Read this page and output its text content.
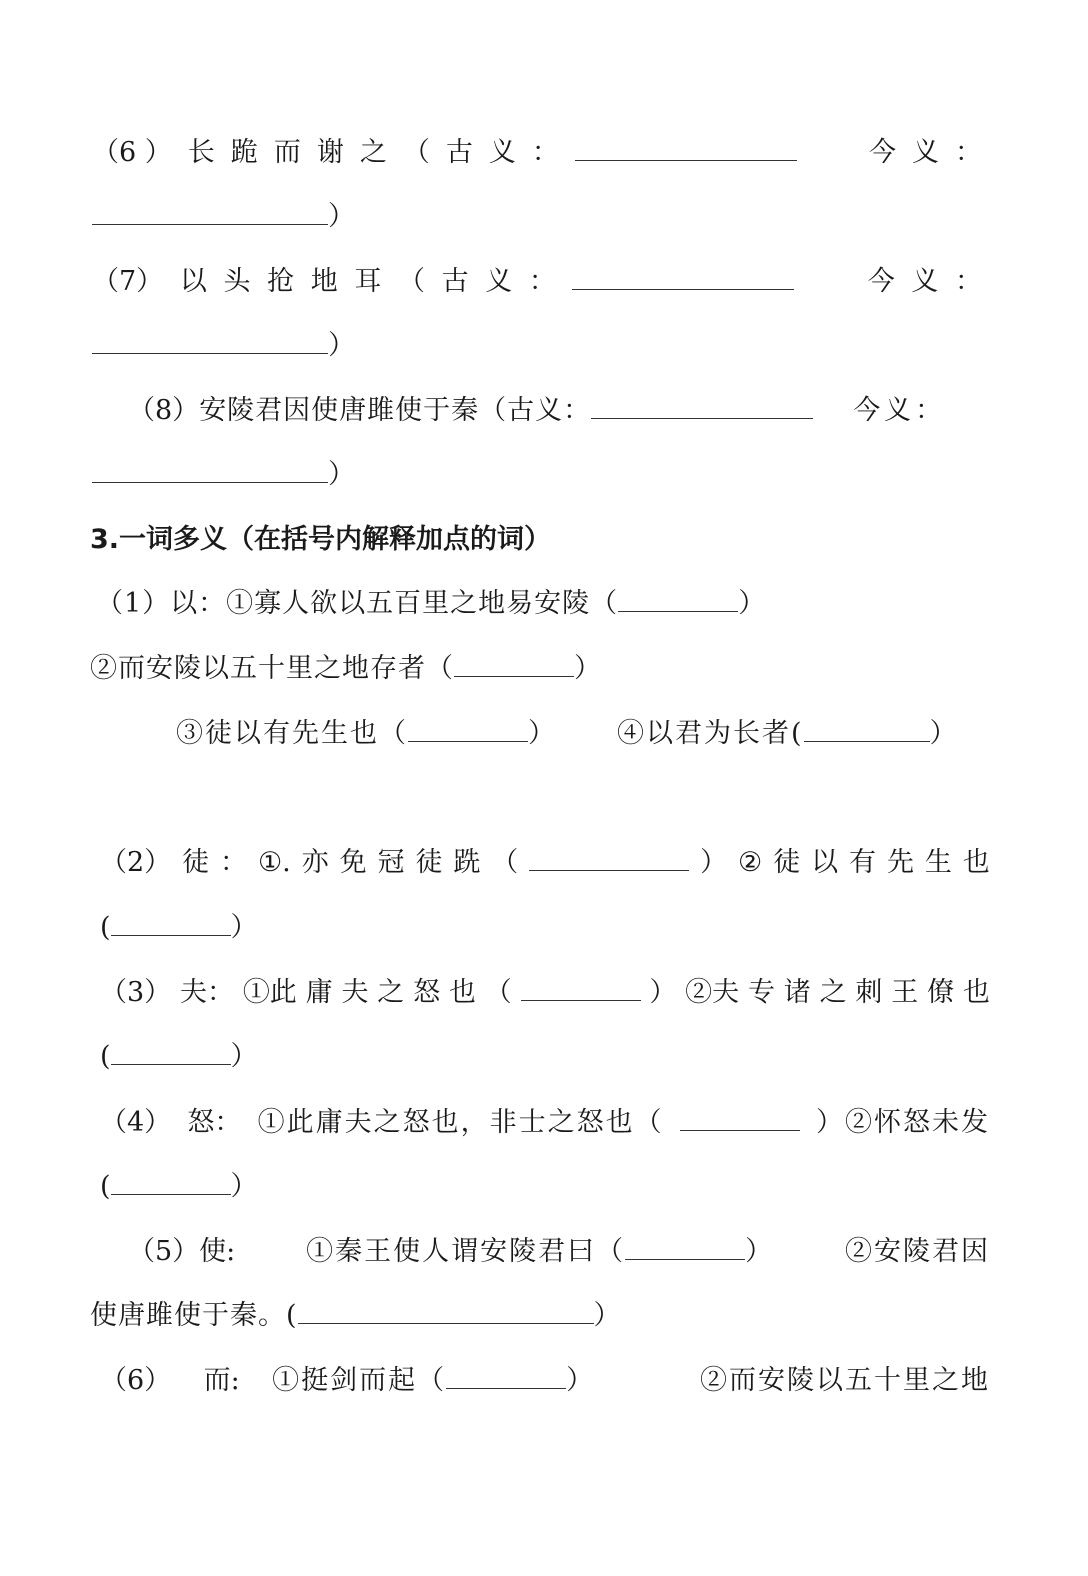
（6 ） 长 跪 而 谢 之 （ 古 义 ：	今 义 ：
）
（7） 以 头 抢 地 耳 （ 古 义 ：	今 义 ：
）
（8） 安陵君因使唐雎使于秦（古义：	今义：
）
3.一词多义（在括号内解释加点的词）
（1）以：①寡人欲以五百里之地易安陵（	）
②而安陵以五十里之地存者（	）
③徒以有先生也（	） ④以君为长者(	）
（2） 徒 ： ①. 亦 免 冠 徒 跣 （	） ② 徒 以 有 先 生 也
(	）
（3） 夫： ①此 庸 夫 之 怒 也 （	） ②夫 专 诸 之 刺 王 僚 也
(	）
（4） 怒： ①此庸夫之怒也，非士之怒也（	）②怀怒未发
(	）
（5）使:	①秦王使人谓安陵君曰（	）	②安陵君因
使唐雎使于秦。(	）
（6） 而: ①挺剑而起（	）	②而安陵以五十里之地
